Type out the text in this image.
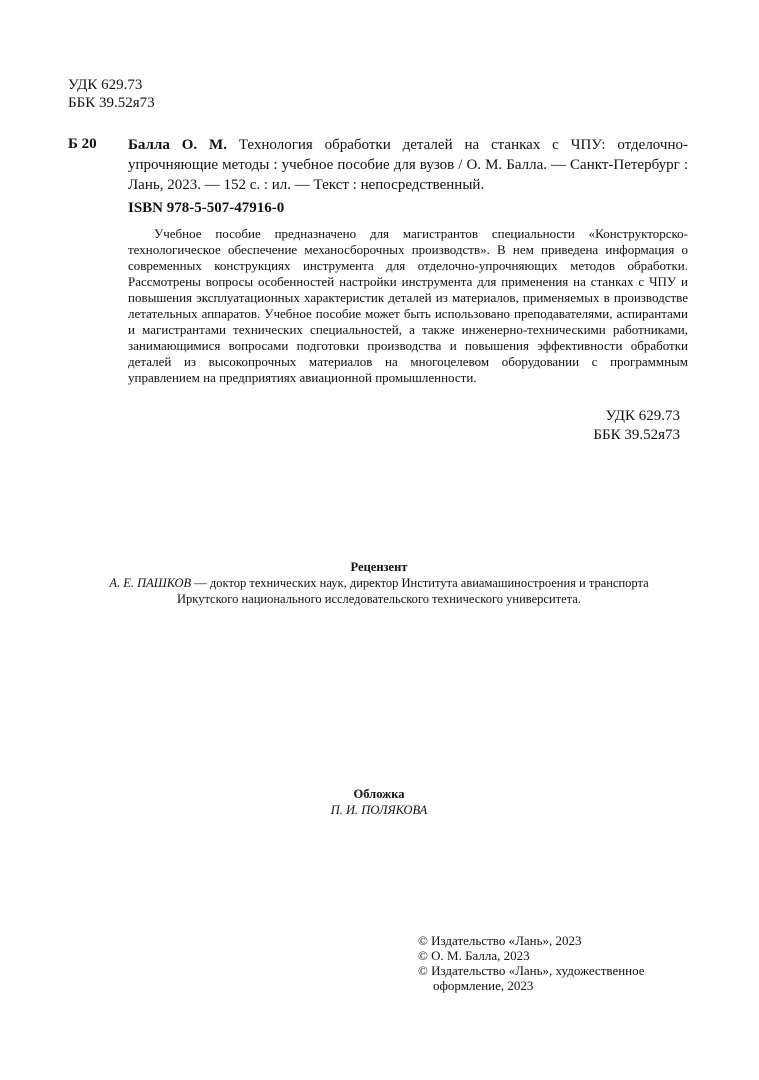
УДК 629.73
ББК 39.52я73
Б 20 Балла О. М. Технология обработки деталей на станках с ЧПУ: отделочно-упрочняющие методы : учебное пособие для вузов / О. М. Балла. — Санкт-Петербург : Лань, 2023. — 152 с. : ил. — Текст : непосредственный.
ISBN 978-5-507-47916-0
Учебное пособие предназначено для магистрантов специальности «Конструкторско-технологическое обеспечение механосборочных производств». В нем приведена информация о современных конструкциях инструмента для отделочно-упрочняющих методов обработки. Рассмотрены вопросы особенностей настройки инструмента для применения на станках с ЧПУ и повышения эксплуатационных характеристик деталей из материалов, применяемых в производстве летательных аппаратов. Учебное пособие может быть использовано преподавателями, аспирантами и магистрантами технических специальностей, а также инженерно-техническими работниками, занимающимися вопросами подготовки производства и повышения эффективности обработки деталей из высокопрочных материалов на многоцелевом оборудовании с программным управлением на предприятиях авиационной промышленности.
УДК 629.73
ББК 39.52я73
Рецензент
А. Е. ПАШКОВ — доктор технических наук, директор Института авиамашиностроения и транспорта
Иркутского национального исследовательского технического университета.
Обложка
П. И. ПОЛЯКОВА
© Издательство «Лань», 2023
© О. М. Балла, 2023
© Издательство «Лань», художественное
оформление, 2023
